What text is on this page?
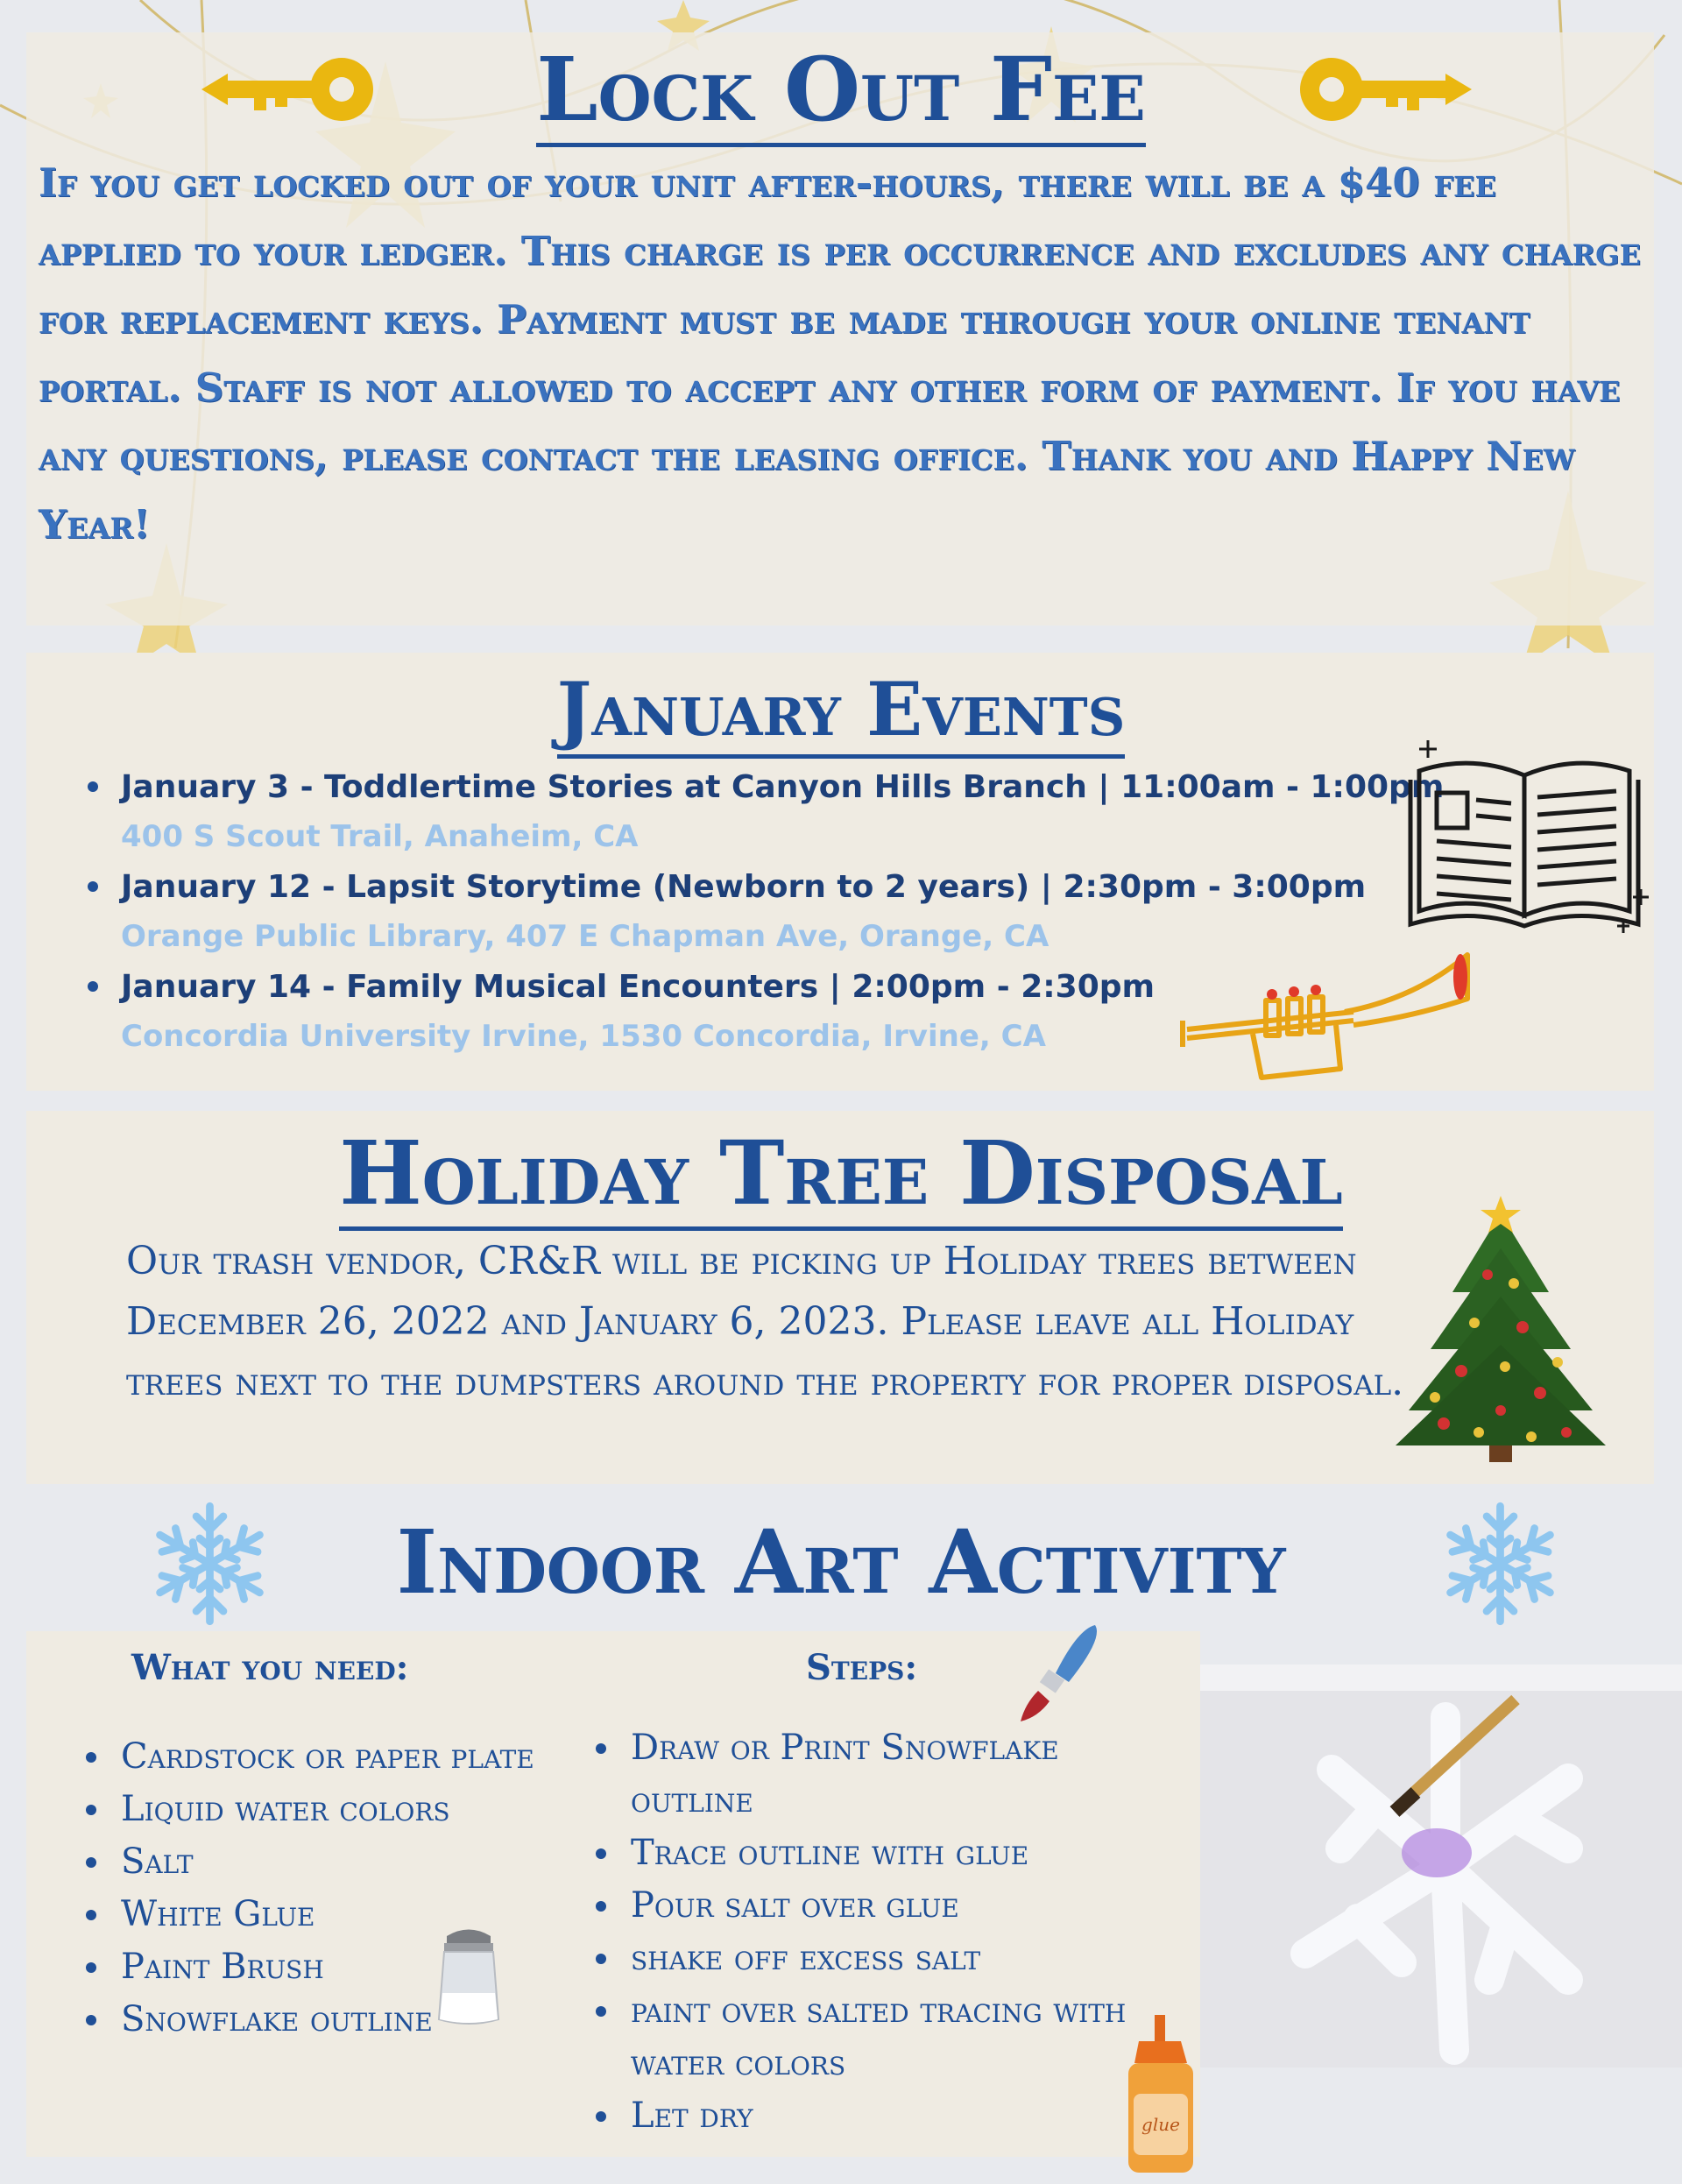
Lock Out Fee
If you get locked out of your unit after-hours, there will be a $40 fee applied to your ledger. This charge is per occurrence and excludes any charge for replacement keys. Payment must be made through your online tenant portal. Staff is not allowed to accept any other form of payment. If you have any questions, please contact the leasing office. Thank you and Happy New Year!
January Events
January 3 - Toddlertime Stories at Canyon Hills Branch | 11:00am - 1:00pm
400 S Scout Trail, Anaheim, CA
January 12 - Lapsit Storytime (Newborn to 2 years) | 2:30pm - 3:00pm
Orange Public Library, 407 E Chapman Ave, Orange, CA
January 14 - Family Musical Encounters | 2:00pm - 2:30pm
Concordia University Irvine, 1530 Concordia, Irvine, CA
Holiday Tree Disposal
Our trash vendor, CR&R will be picking up Holiday trees between December 26, 2022 and January 6, 2023. Please leave all Holiday trees next to the dumpsters around the property for proper disposal.
Indoor Art Activity
What you need:	Steps:
Cardstock or paper plate
Liquid water colors
Salt
White Glue
Paint Brush
Snowflake outline
Draw or Print Snowflake outline
Trace outline with glue
Pour salt over glue
shake off excess salt
paint over salted tracing with water colors
Let dry	glue
